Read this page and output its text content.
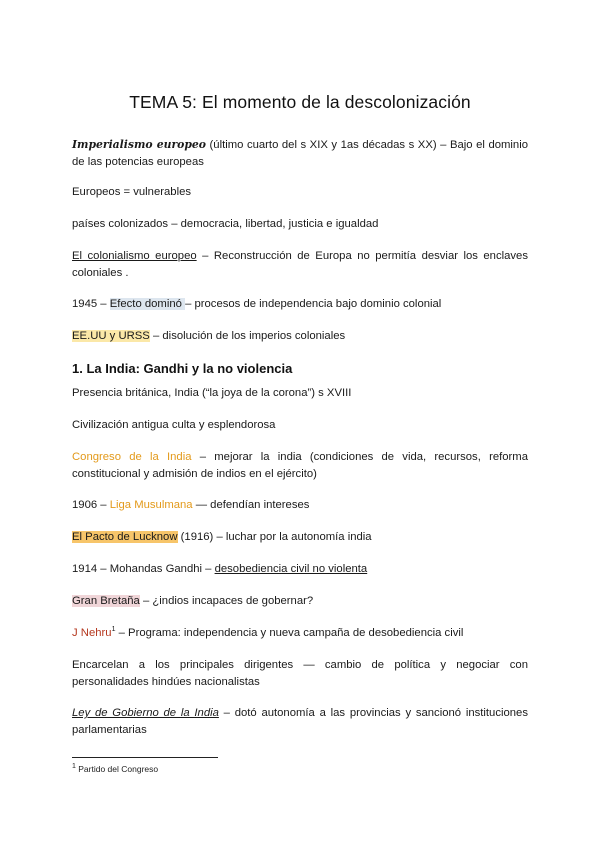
TEMA 5: El momento de la descolonización
Imperialismo europeo (último cuarto del s XIX y 1as décadas s XX) – Bajo el dominio de las potencias europeas
Europeos = vulnerables
países colonizados – democracia, libertad, justicia e igualdad
El colonialismo europeo – Reconstrucción de Europa no permitía desviar los enclaves coloniales .
1945 – Efecto dominó – procesos de independencia bajo dominio colonial
EE.UU y URSS – disolución de los imperios coloniales
1. La India: Gandhi y la no violencia
Presencia británica, India (“la joya de la corona”) s XVIII
Civilización antigua culta y esplendorosa
Congreso de la India – mejorar la india (condiciones de vida, recursos, reforma constitucional y admisión de indios en el ejército)
1906 – Liga Musulmana — defendían intereses
El Pacto de Lucknow (1916) – luchar por la autonomía india
1914 – Mohandas Gandhi – desobediencia civil no violenta
Gran Bretaña – ¿indios incapaces de gobernar?
J Nehru$^1$ – Programa: independencia y nueva campaña de desobediencia civil
Encarcelan a los principales dirigentes — cambio de política y negociar con personalidades hindúes nacionalistas
Ley de Gobierno de la India – dotó autonomía a las provincias y sancionó instituciones parlamentarias
$^1$ Partido del Congreso
